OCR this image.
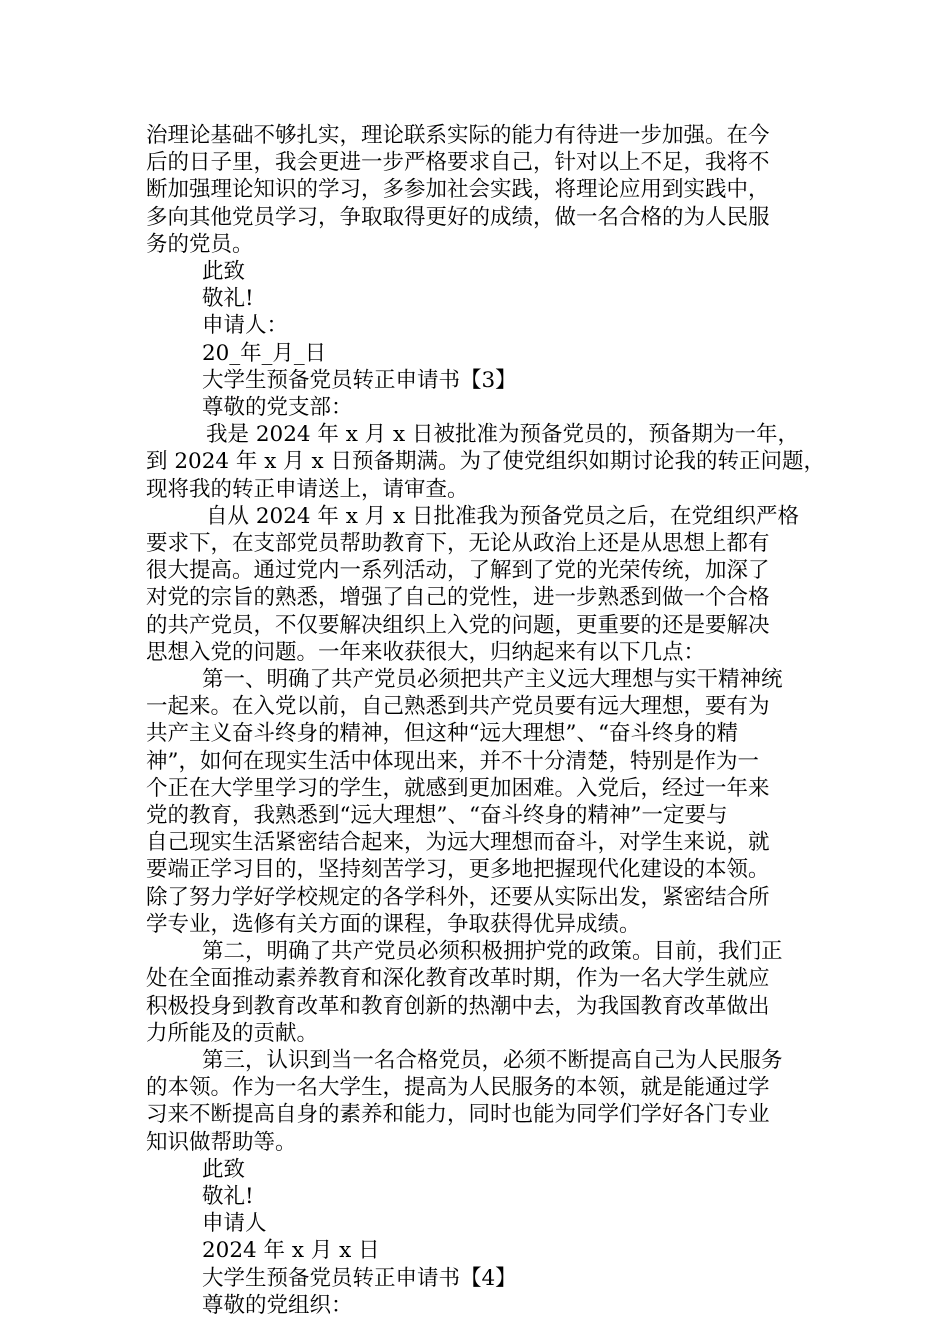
治理论基础不够扎实，理论联系实际的能力有待进一步加强。在今

后的日子里，我会更进一步严格要求自己，针对以上不足，我将不

断加强理论知识的学习，多参加社会实践，将理论应用到实践中，

多向其他党员学习，争取取得更好的成绩，做一名合格的为人民服

务的党员。

此致

敬礼!

申请人：

20_年_月_日

大学生预备党员转正申请书【3】

尊敬的党支部：

我是 2024 年 x 月 x 日被批准为预备党员的，预备期为一年，

到 2024 年 x 月 x 日预备期满。为了使党组织如期讨论我的转正问题，

现将我的转正申请送上，请审查。

自从 2024 年 x 月 x 日批准我为预备党员之后，在党组织严格

要求下，在支部党员帮助教育下，无论从政治上还是从思想上都有

很大提高。通过党内一系列活动，了解到了党的光荣传统，加深了

对党的宗旨的熟悉，增强了自己的党性，进一步熟悉到做一个合格

的共产党员，不仅要解决组织上入党的问题，更重要的还是要解决

思想入党的问题。一年来收获很大，归纳起来有以下几点：

第一、明确了共产党员必须把共产主义远大理想与实干精神统

一起来。在入党以前，自己熟悉到共产党员要有远大理想，要有为

共产主义奋斗终身的精神，但这种“远大理想”、“奋斗终身的精

神”，如何在现实生活中体现出来，并不十分清楚，特别是作为一

个正在大学里学习的学生，就感到更加困难。入党后，经过一年来

党的教育，我熟悉到“远大理想”、“奋斗终身的精神”一定要与

自己现实生活紧密结合起来，为远大理想而奋斗，对学生来说，就

要端正学习目的，坚持刻苦学习，更多地把握现代化建设的本领。

除了努力学好学校规定的各学科外，还要从实际出发，紧密结合所

学专业，选修有关方面的课程，争取获得优异成绩。

第二，明确了共产党员必须积极拥护党的政策。目前，我们正

处在全面推动素养教育和深化教育改革时期，作为一名大学生就应

积极投身到教育改革和教育创新的热潮中去，为我国教育改革做出

力所能及的贡献。

第三，认识到当一名合格党员，必须不断提高自己为人民服务

的本领。作为一名大学生，提高为人民服务的本领，就是能通过学

习来不断提高自身的素养和能力，同时也能为同学们学好各门专业

知识做帮助等。

此致

敬礼!

申请人

2024 年 x 月 x 日

大学生预备党员转正申请书【4】

尊敬的党组织：
